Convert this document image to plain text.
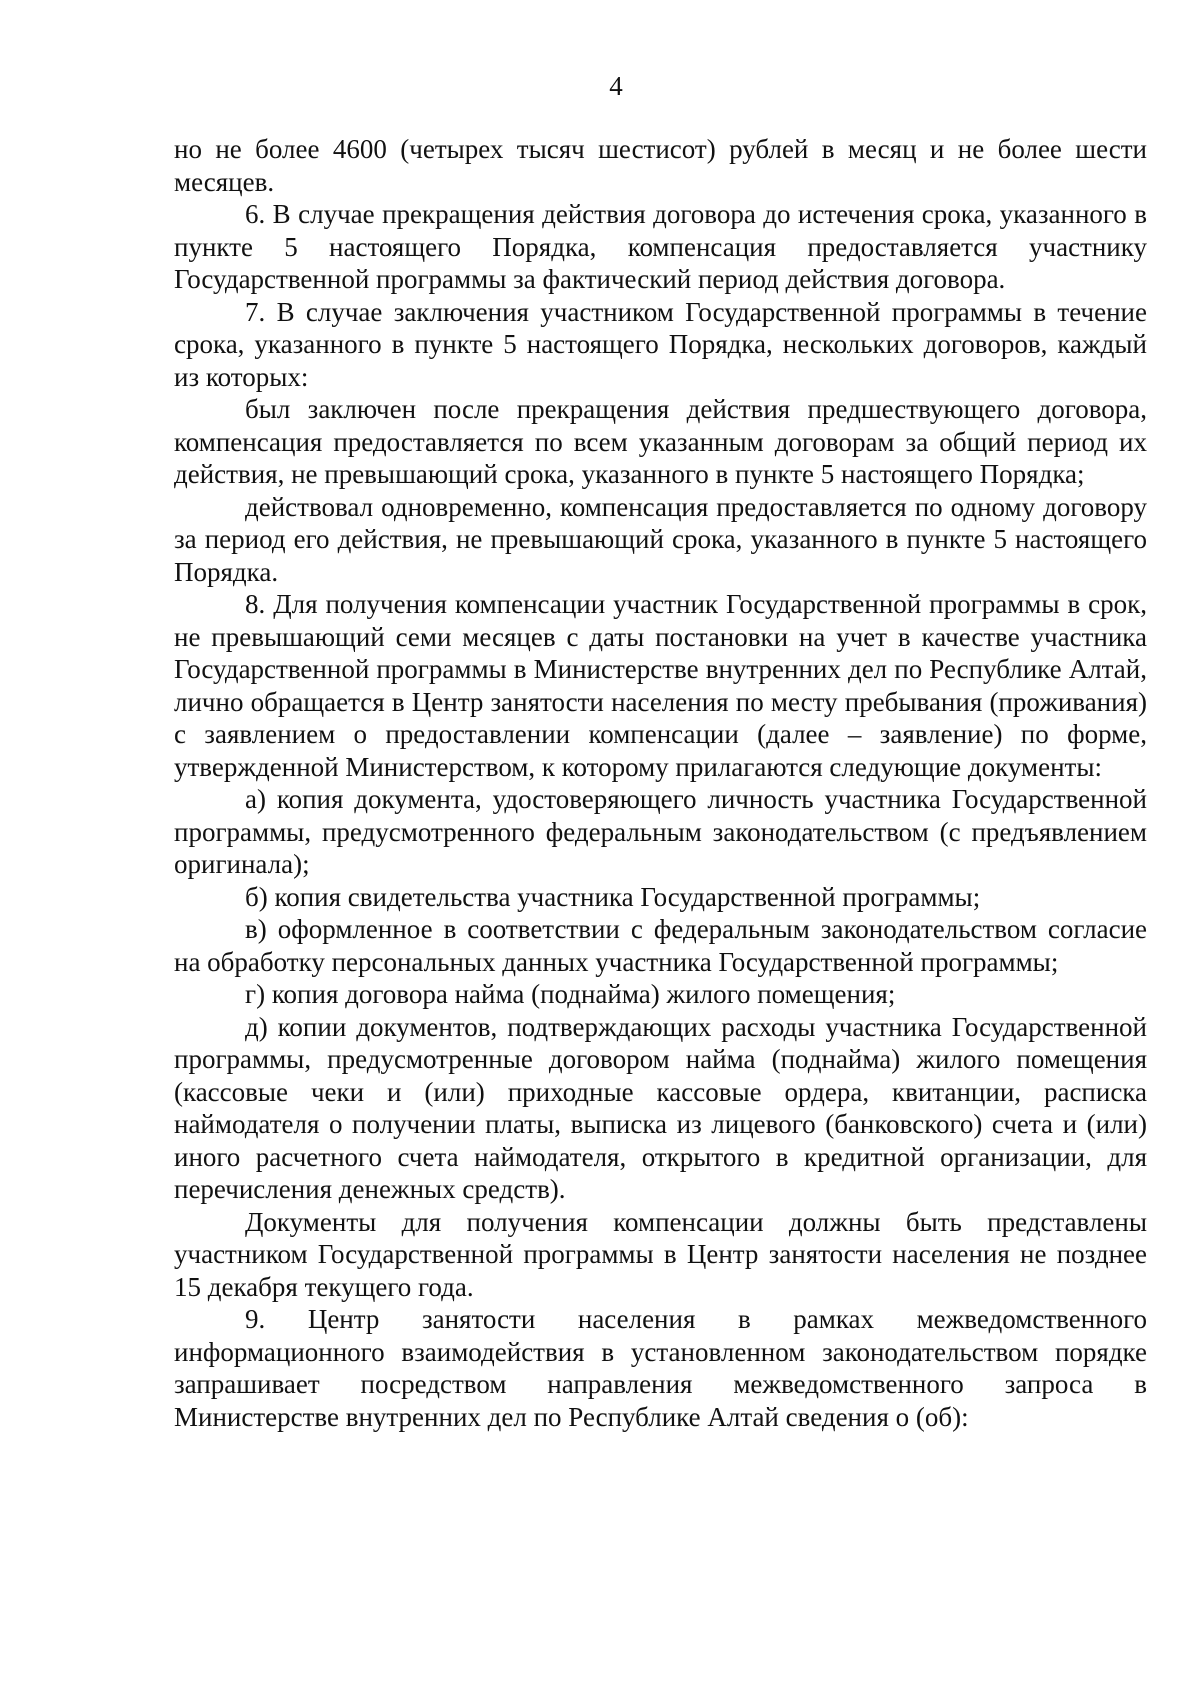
4

но не более 4600 (четырех тысяч шестисот) рублей в месяц и не более шести месяцев.

6. В случае прекращения действия договора до истечения срока, указанного в пункте 5 настоящего Порядка, компенсация предоставляется участнику Государственной программы за фактический период действия договора.

7. В случае заключения участником Государственной программы в течение срока, указанного в пункте 5 настоящего Порядка, нескольких договоров, каждый из которых:

был заключен после прекращения действия предшествующего договора, компенсация предоставляется по всем указанным договорам за общий период их действия, не превышающий срока, указанного в пункте 5 настоящего Порядка;

действовал одновременно, компенсация предоставляется по одному договору за период его действия, не превышающий срока, указанного в пункте 5 настоящего Порядка.

8. Для получения компенсации участник Государственной программы в срок, не превышающий семи месяцев с даты постановки на учет в качестве участника Государственной программы в Министерстве внутренних дел по Республике Алтай, лично обращается в Центр занятости населения по месту пребывания (проживания) с заявлением о предоставлении компенсации (далее – заявление) по форме, утвержденной Министерством, к которому прилагаются следующие документы:

а) копия документа, удостоверяющего личность участника Государственной программы, предусмотренного федеральным законодательством (с предъявлением оригинала);

б) копия свидетельства участника Государственной программы;

в) оформленное в соответствии с федеральным законодательством согласие на обработку персональных данных участника Государственной программы;

г) копия договора найма (поднайма) жилого помещения;

д) копии документов, подтверждающих расходы участника Государственной программы, предусмотренные договором найма (поднайма) жилого помещения (кассовые чеки и (или) приходные кассовые ордера, квитанции, расписка наймодателя о получении платы, выписка из лицевого (банковского) счета и (или) иного расчетного счета наймодателя, открытого в кредитной организации, для перечисления денежных средств).

Документы для получения компенсации должны быть представлены участником Государственной программы в Центр занятости населения не позднее 15 декабря текущего года.

9. Центр занятости населения в рамках межведомственного информационного взаимодействия в установленном законодательством порядке запрашивает посредством направления межведомственного запроса в Министерстве внутренних дел по Республике Алтай сведения о (об):
